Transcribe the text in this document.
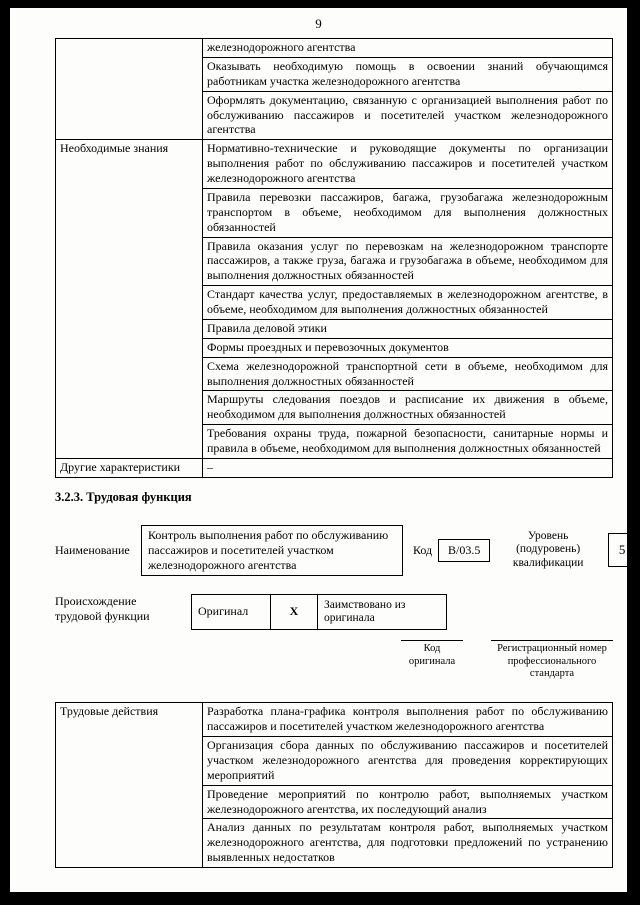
9
	железнодорожного агентства
	Оказывать необходимую помощь в освоении знаний обучающимся работникам участка железнодорожного агентства
	Оформлять документацию, связанную с организацией выполнения работ по обслуживанию пассажиров и посетителей участком железнодорожного агентства
Необходимые знания	Нормативно-технические и руководящие документы по организации выполнения работ по обслуживанию пассажиров и посетителей участком железнодорожного агентства
	Правила перевозки пассажиров, багажа, грузобагажа железнодорожным транспортом в объеме, необходимом для выполнения должностных обязанностей
	Правила оказания услуг по перевозкам на железнодорожном транспорте пассажиров, а также груза, багажа и грузобагажа в объеме, необходимом для выполнения должностных обязанностей
	Стандарт качества услуг, предоставляемых в железнодорожном агентстве, в объеме, необходимом для выполнения должностных обязанностей
	Правила деловой этики
	Формы проездных и перевозочных документов
	Схема железнодорожной транспортной сети в объеме, необходимом для выполнения должностных обязанностей
	Маршруты следования поездов и расписание их движения в объеме, необходимом для выполнения должностных обязанностей
	Требования охраны труда, пожарной безопасности, санитарные нормы и правила в объеме, необходимом для выполнения должностных обязанностей
Другие характеристики	–
3.2.3. Трудовая функция
Наименование
Контроль выполнения работ по обслуживанию пассажиров и посетителей участком железнодорожного агентства
Код	В/03.5
Уровень (подуровень) квалификации
5
Происхождение трудовой функции	Оригинал	X	Заимствовано из оригинала
Код оригинала
Регистрационный номер профессионального стандарта
Трудовые действия	Разработка плана-графика контроля выполнения работ по обслуживанию пассажиров и посетителей участком железнодорожного агентства
Организация сбора данных по обслуживанию пассажиров и посетителей участком железнодорожного агентства для проведения корректирующих мероприятий
Проведение мероприятий по контролю работ, выполняемых участком железнодорожного агентства, их последующий анализ
Анализ данных по результатам контроля работ, выполняемых участком железнодорожного агентства, для подготовки предложений по устранению выявленных недостатков
